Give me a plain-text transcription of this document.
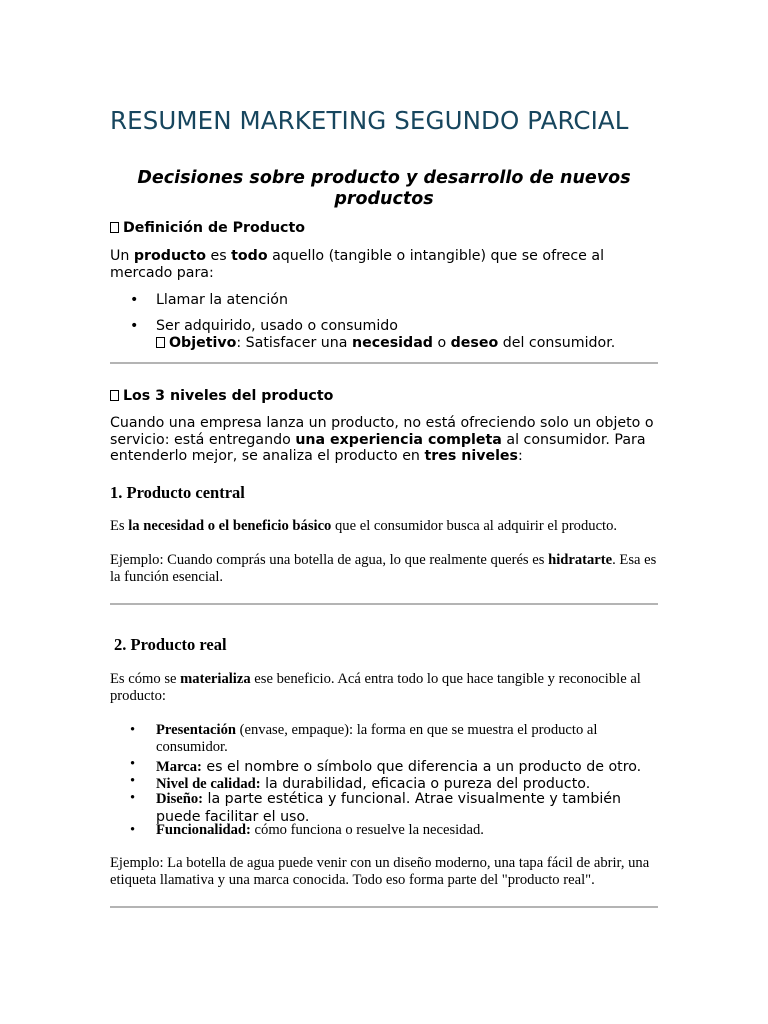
RESUMEN MARKETING SEGUNDO PARCIAL
Decisiones sobre producto y desarrollo de nuevos productos
Definición de Producto
Un producto es todo aquello (tangible o intangible) que se ofrece al mercado para:
• Llamar la atención
• Ser adquirido, usado o consumido
Objetivo: Satisfacer una necesidad o deseo del consumidor.
Los 3 niveles del producto
Cuando una empresa lanza un producto, no está ofreciendo solo un objeto o servicio: está entregando una experiencia completa al consumidor. Para entenderlo mejor, se analiza el producto en tres niveles:
1. Producto central
Es la necesidad o el beneficio básico que el consumidor busca al adquirir el producto.
Ejemplo: Cuando comprás una botella de agua, lo que realmente querés es hidratarte. Esa es la función esencial.
2. Producto real
Es cómo se materializa ese beneficio. Acá entra todo lo que hace tangible y reconocible al producto:
•	Presentación (envase, empaque): la forma en que se muestra el producto al consumidor.
•	Marca: es el nombre o símbolo que diferencia a un producto de otro.
•	Nivel de calidad: la durabilidad, eficacia o pureza del producto.
•	Diseño: la parte estética y funcional. Atrae visualmente y también puede facilitar el uso.
•	Funcionalidad: cómo funciona o resuelve la necesidad.
Ejemplo: La botella de agua puede venir con un diseño moderno, una tapa fácil de abrir, una etiqueta llamativa y una marca conocida. Todo eso forma parte del "producto real".
